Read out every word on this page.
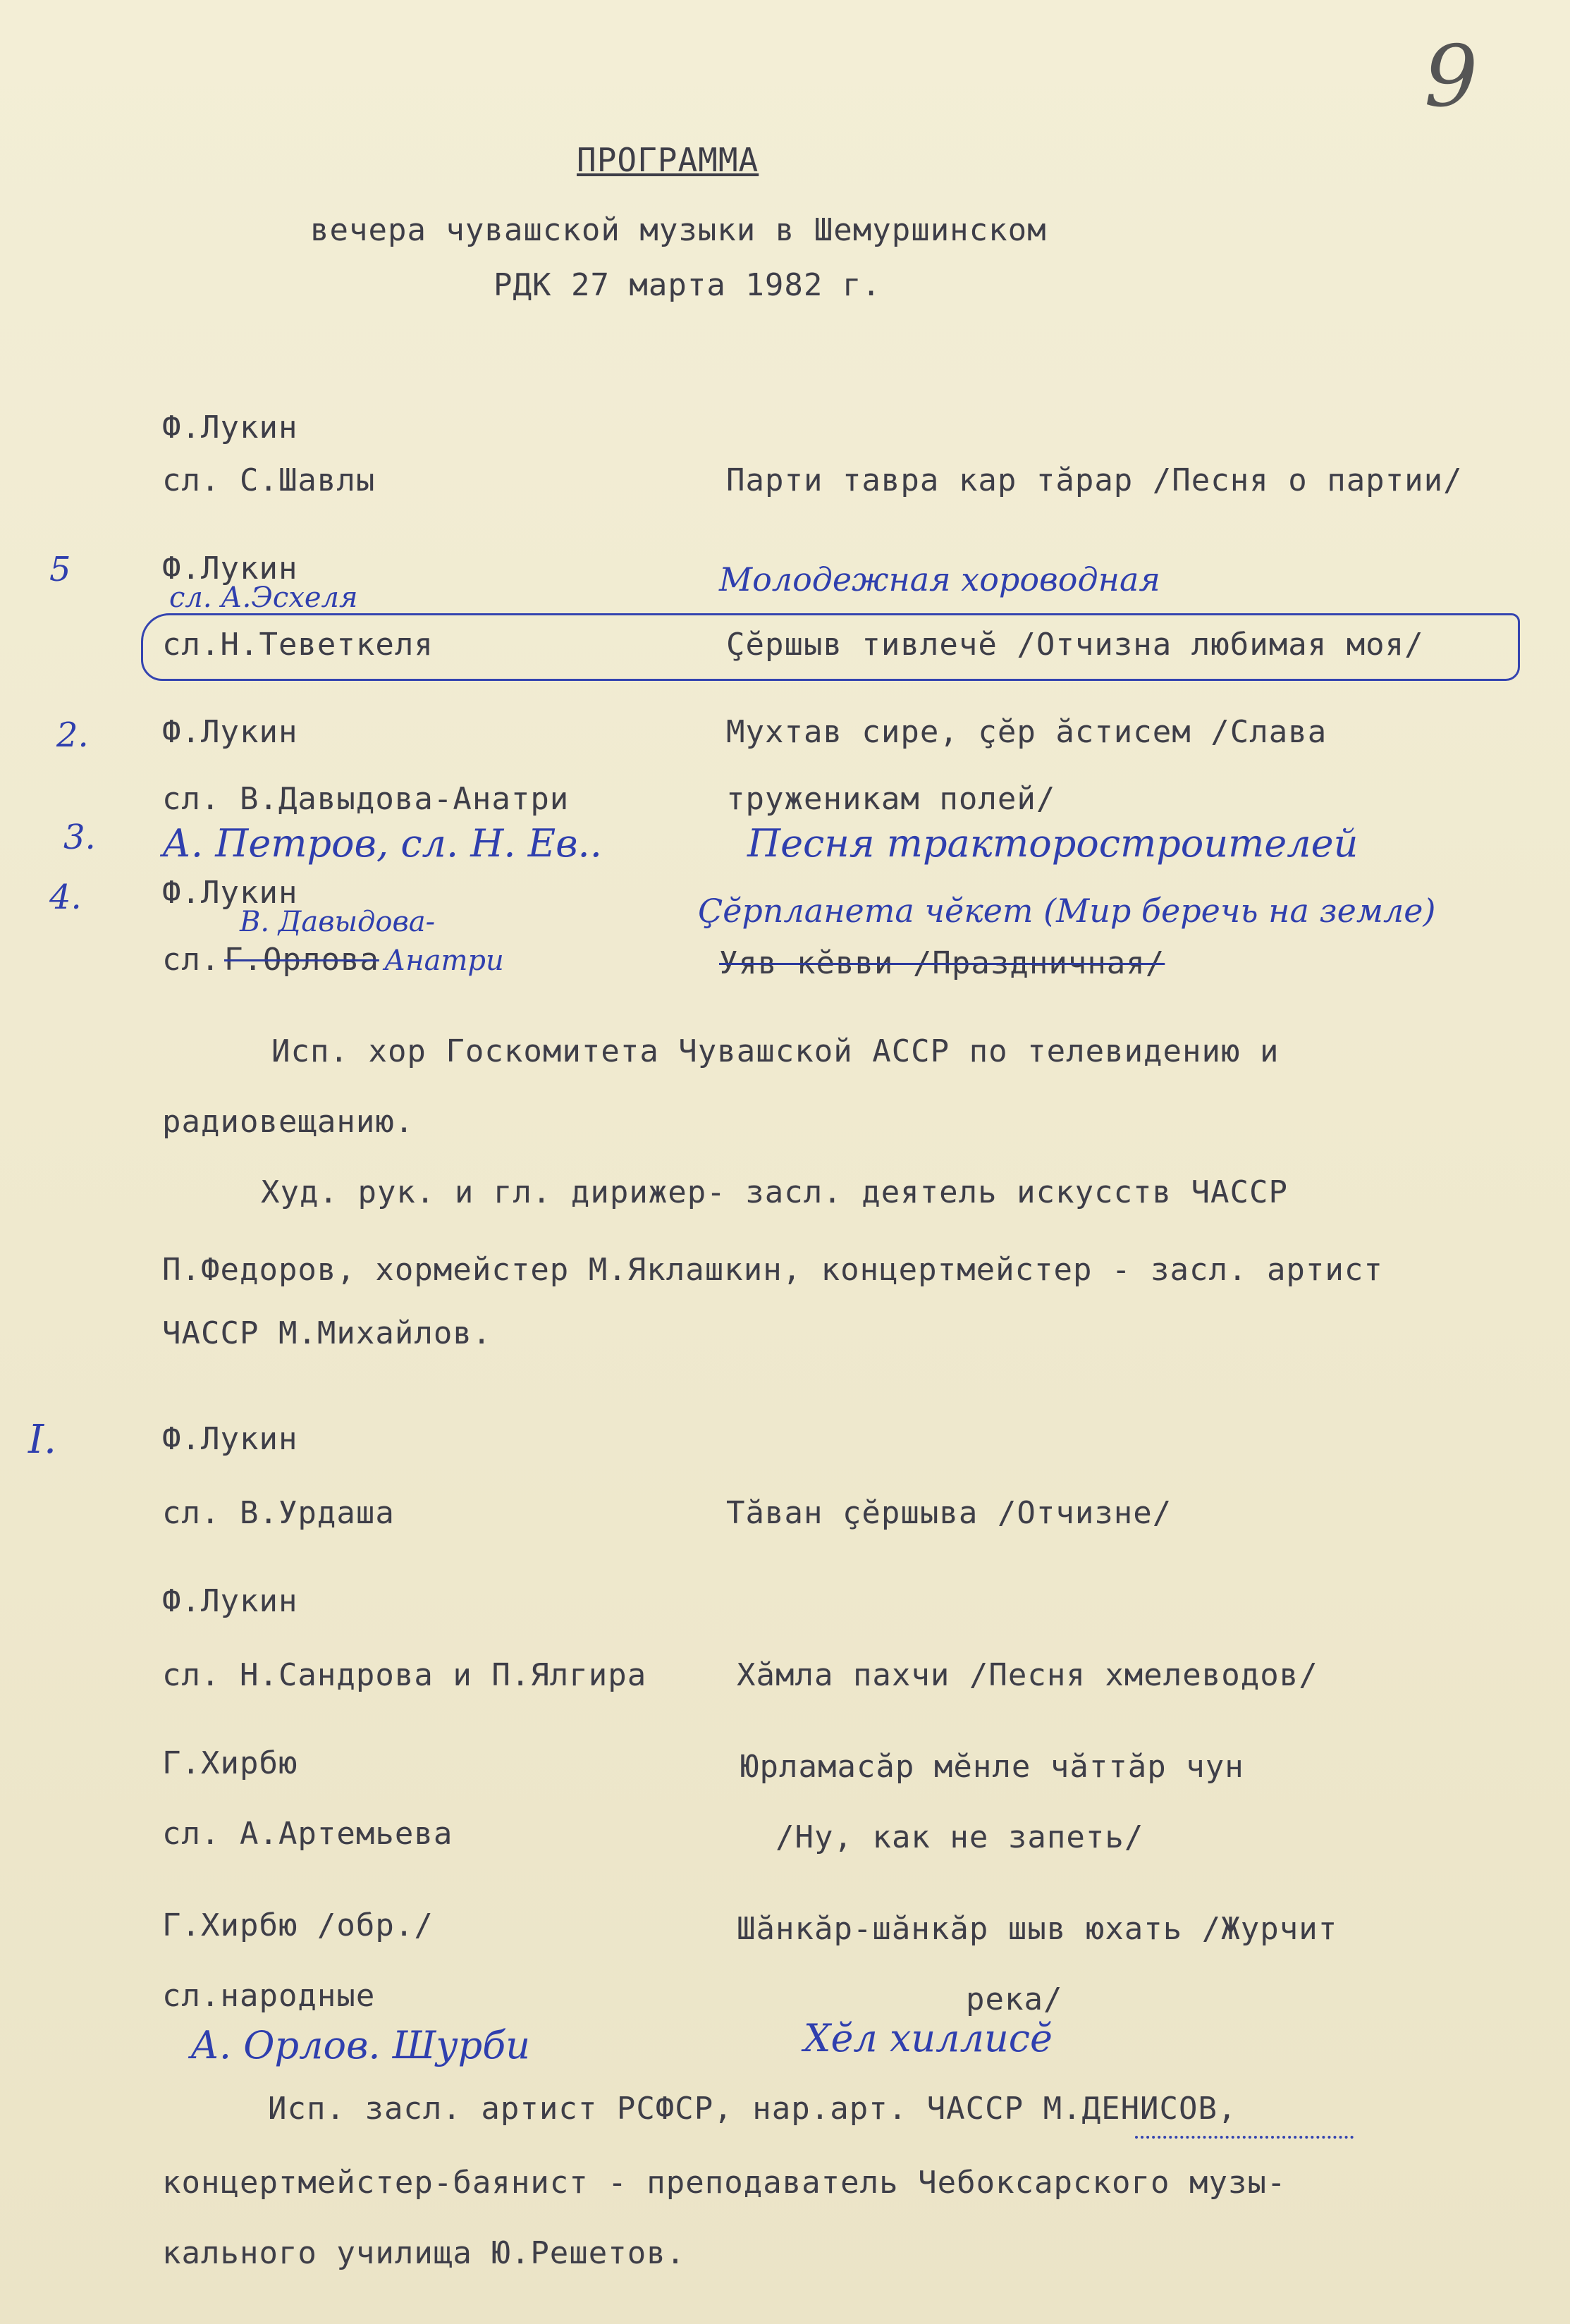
9
ПРОГРАММА
вечера чувашской музыки в Шемуршинском
РДК 27 марта 1982 г.
Ф.Лукин
сл. С.Шавлы	Парти тавра кар тăрар /Песня о партии/
5	Ф.Лукин
сл. А.Эсхеля	Молодежная хороводная
сл.Н.Теветкеля	Çĕршыв тивлечĕ /Отчизна любимая моя/
2. Ф.Лукин	Мухтав сире, çĕр ăстисем /Слава
сл. В.Давыдова-Анатри	труженикам полей/
3. А. Петров, сл. Н. Ев..	Песня тракторостроителей
4.	Ф.Лукин
В. Давыдова-	Çĕрпланета чĕкет (Мир беречь на земле)
сл. Г.Орлова Анатри	Уяв кĕвви /Праздничная/
Исп. хор Госкомитета Чувашской АССР по телевидению и
радиовещанию.
Худ. рук. и гл. дирижер- засл. деятель искусств ЧАССР
П.Федоров, хормейстер М.Яклашкин, концертмейстер - засл. артист
ЧАССР М.Михайлов.
I.	Ф.Лукин
сл. В.Урдаша	Тăван çĕршыва /Отчизне/
Ф.Лукин
сл. Н.Сандрова и П.Ялгира	Хăмла пахчи /Песня хмелеводов/
Г.Хирбю	Юрламасăр мĕнле чăттăр чун
сл. А.Артемьева	/Ну, как не запеть/
Г.Хирбю /обр./	Шăнкăр-шăнкăр шыв юхать /Журчит
сл.народные	река/
А. Орлов. Шурби	Хĕл хиллисĕ
Исп. засл. артист РСФСР, нар.арт. ЧАССР М.ДЕНИСОВ,
концертмейстер-баянист - преподаватель Чебоксарского музы-
кального училища Ю.Решетов.
